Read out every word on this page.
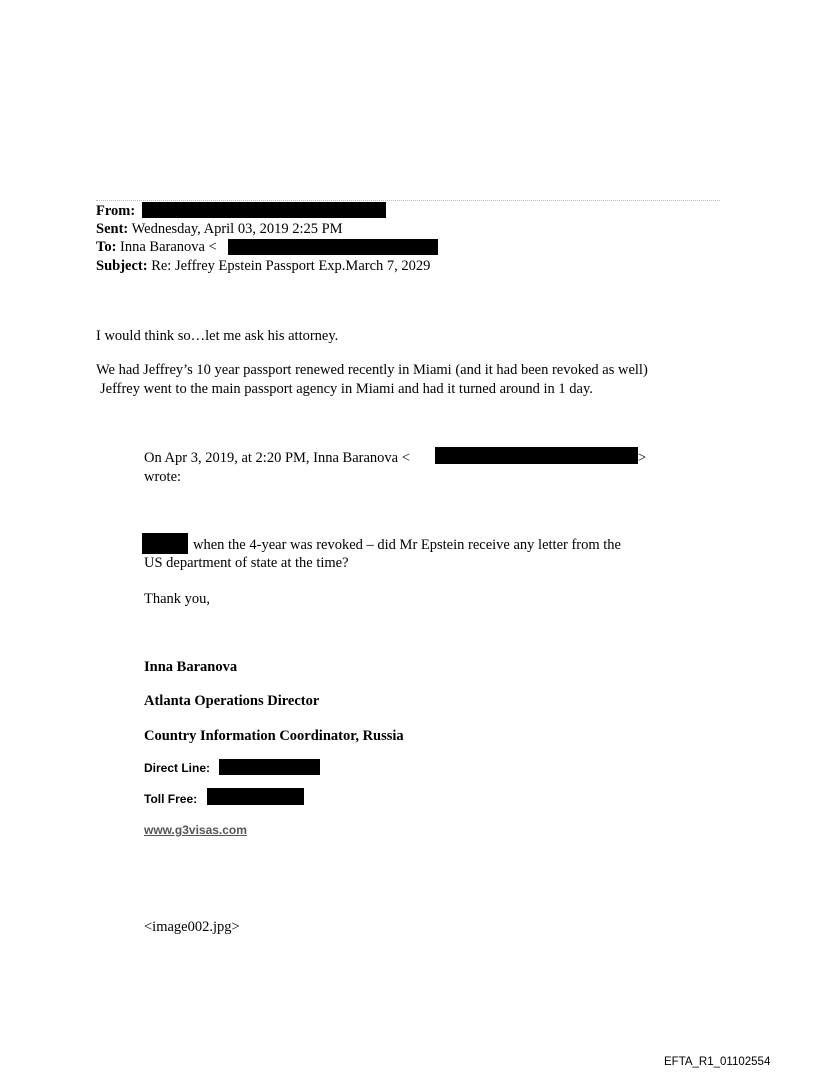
From:
Sent: Wednesday, April 03, 2019 2:25 PM
To: Inna Baranova <
Subject: Re: Jeffrey Epstein Passport Exp.March 7, 2029
I would think so…let me ask his attorney.
We had Jeffrey’s 10 year passport renewed recently in Miami (and it had been revoked as well)
Jeffrey went to the main passport agency in Miami and had it turned around in 1 day.
On Apr 3, 2019, at 2:20 PM, Inna Baranova <	>
wrote:
when the 4-year was revoked – did Mr Epstein receive any letter from the
US department of state at the time?
Thank you,
Inna Baranova
Atlanta Operations Director
Country Information Coordinator, Russia
Direct Line:
Toll Free:
www.g3visas.com
<image002.jpg>
EFTA_R1_01102554
